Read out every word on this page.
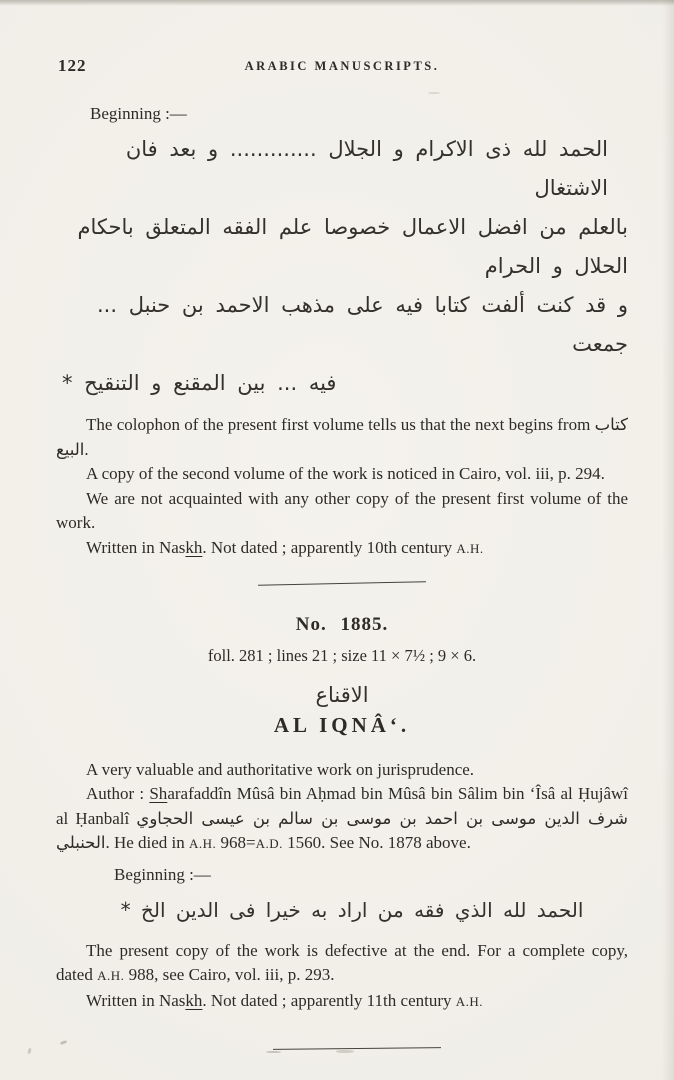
122	ARABIC MANUSCRIPTS.

Beginning :—

الحمد لله ذى الاكرام و الجلال ............. و بعد فان الاشتغال
بالعلم من افضل الاعمال خصوصا علم الفقه المتعلق باحكام الحلال و الحرام
و قد كنت ألفت كتابا فيه على مذهب الاحمد بن حنبل ... جمعت
فيه ... بين المقنع و التنقيح *

The colophon of the present first volume tells us that the next begins from كتاب البيع.

A copy of the second volume of the work is noticed in Cairo, vol. iii, p. 294.

We are not acquainted with any other copy of the present first volume of the work.

Written in Naskh. Not dated ; apparently 10th century A.H.

No. 1885.

foll. 281 ; lines 21 ; size 11 × 7½ ; 9 × 6.

الاقناع
AL IQNÂ‘.

A very valuable and authoritative work on jurisprudence.

Author : Sharafaddîn Mûsâ bin Aḥmad bin Mûsâ bin Sâlim bin ‘Îsâ al Ḥujâwî al Ḥanbalî شرف الدين موسى بن احمد بن موسى بن سالم بن عيسى الحجاوي الحنبلي. He died in A.H. 968=A.D. 1560. See No. 1878 above.

Beginning :—

الحمد لله الذي فقه من اراد به خيرا فى الدين الخ *

The present copy of the work is defective at the end. For a complete copy, dated A.H. 988, see Cairo, vol. iii, p. 293.

Written in Naskh. Not dated ; apparently 11th century A.H.
